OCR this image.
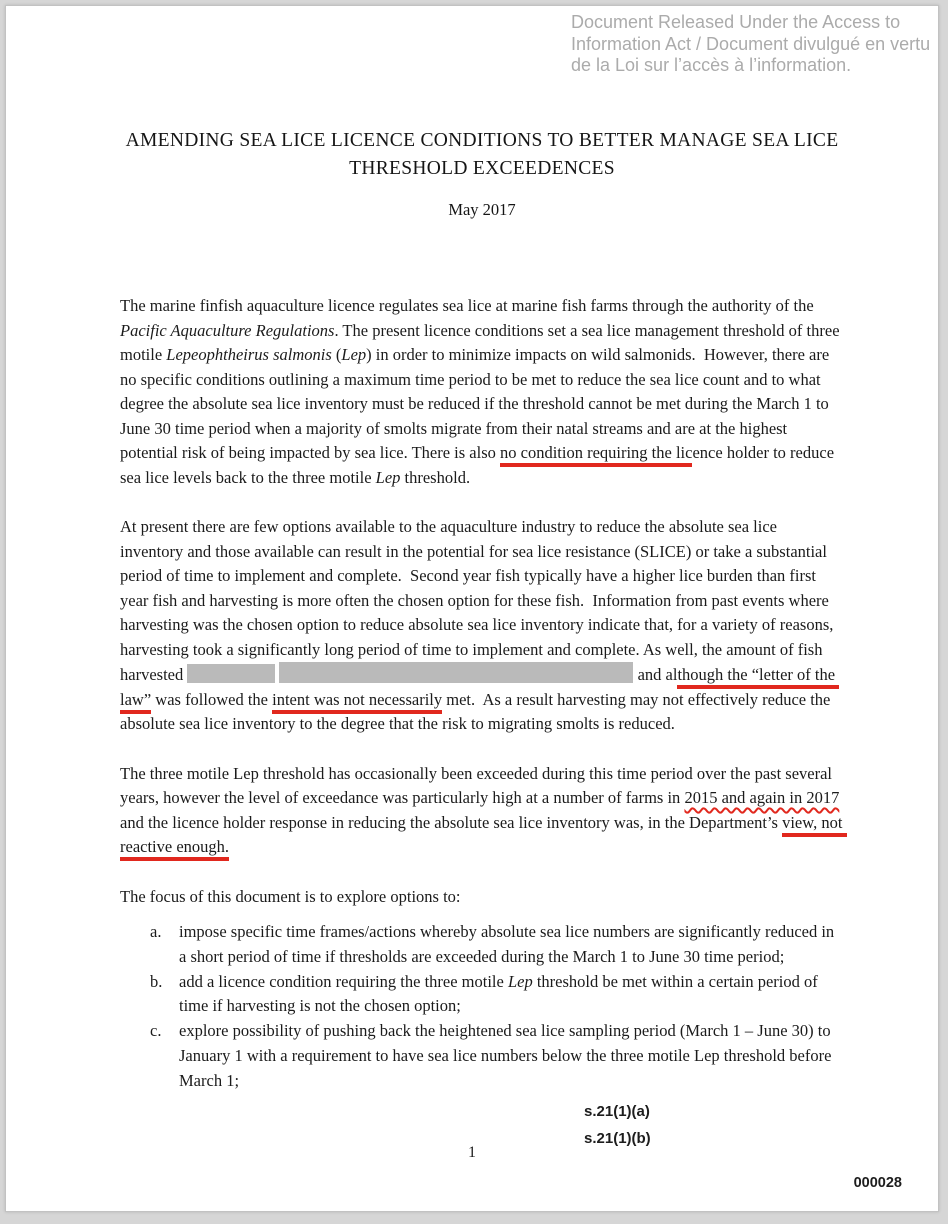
Document Released Under the Access to
Information Act / Document divulgué en vertu
de la Loi sur l’accès à l’information.
AMENDING SEA LICE LICENCE CONDITIONS TO BETTER MANAGE SEA LICE THRESHOLD EXCEEDENCES
May 2017

The marine finfish aquaculture licence regulates sea lice at marine fish farms through the authority of the Pacific Aquaculture Regulations. The present licence conditions set a sea lice management threshold of three motile Lepeophtheirus salmonis (Lep) in order to minimize impacts on wild salmonids.  However, there are no specific conditions outlining a maximum time period to be met to reduce the sea lice count and to what degree the absolute sea lice inventory must be reduced if the threshold cannot be met during the March 1 to June 30 time period when a majority of smolts migrate from their natal streams and are at the highest potential risk of being impacted by sea lice. There is also no condition requiring the licence holder to reduce sea lice levels back to the three motile Lep threshold.

At present there are few options available to the aquaculture industry to reduce the absolute sea lice inventory and those available can result in the potential for sea lice resistance (SLICE) or take a substantial period of time to implement and complete.  Second year fish typically have a higher lice burden than first year fish and harvesting is more often the chosen option for these fish.  Information from past events where harvesting was the chosen option to reduce absolute sea lice inventory indicate that, for a variety of reasons, harvesting took a significantly long period of time to implement and complete. As well, the amount of fish harvested	and although the “letter of the law” was followed the intent was not necessarily met.  As a result harvesting may not effectively reduce the absolute sea lice inventory to the degree that the risk to migrating smolts is reduced.

The three motile Lep threshold has occasionally been exceeded during this time period over the past several years, however the level of exceedance was particularly high at a number of farms in 2015 and again in 2017 and the licence holder response in reducing the absolute sea lice inventory was, in the Department’s view, not reactive enough.

The focus of this document is to explore options to:

a.	impose specific time frames/actions whereby absolute sea lice numbers are significantly reduced in a short period of time if thresholds are exceeded during the March 1 to June 30 time period;
b.	add a licence condition requiring the three motile Lep threshold be met within a certain period of time if harvesting is not the chosen option;
c.	explore possibility of pushing back the heightened sea lice sampling period (March 1 – June 30) to January 1 with a requirement to have sea lice numbers below the three motile Lep threshold before March 1;
s.21(1)(a)
s.21(1)(b)
1
000028
